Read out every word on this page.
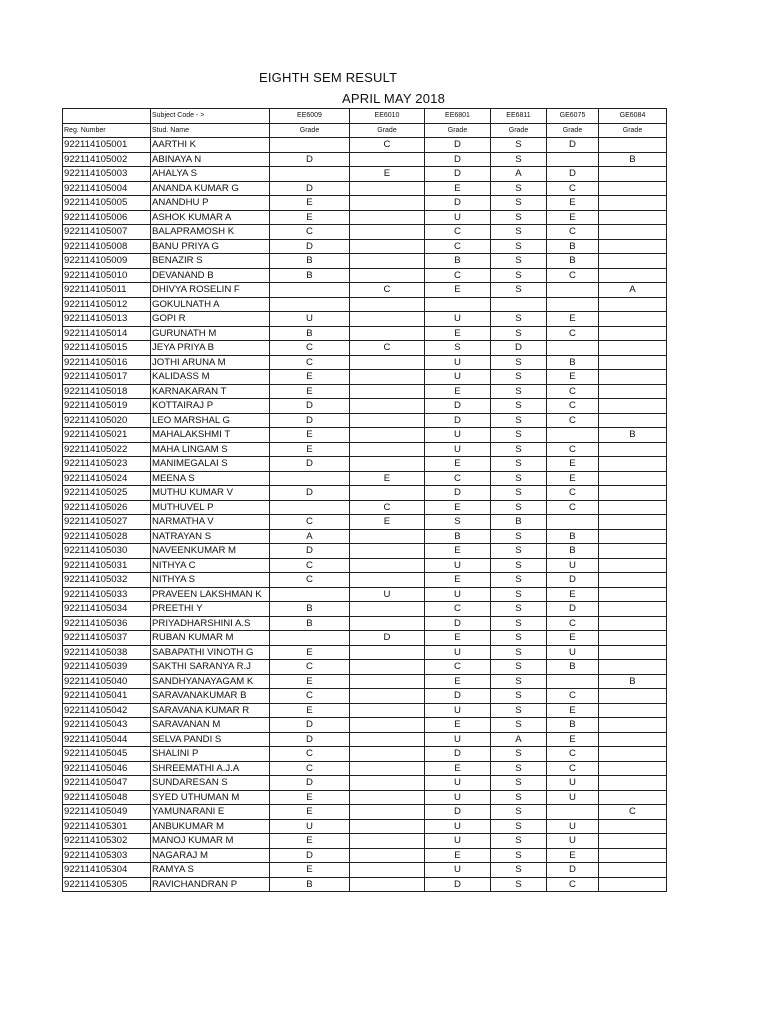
EIGHTH SEM RESULT
APRIL MAY 2018
	Subject Code - >	EE6009	EE6010	EE6801	EE6811	GE6075	GE6084
Reg. Number	Stud. Name	Grade	Grade	Grade	Grade	Grade	Grade
922114105001	AARTHI K		C	D	S	D	
922114105002	ABINAYA N	D		D	S		B
922114105003	AHALYA S		E	D	A	D	
922114105004	ANANDA KUMAR G	D		E	S	C	
922114105005	ANANDHU P	E		D	S	E	
922114105006	ASHOK KUMAR A	E		U	S	E	
922114105007	BALAPRAMOSH K	C		C	S	C	
922114105008	BANU PRIYA G	D		C	S	B	
922114105009	BENAZIR S	B		B	S	B	
922114105010	DEVANAND B	B		C	S	C	
922114105011	DHIVYA ROSELIN F		C	E	S		A
922114105012	GOKULNATH A						
922114105013	GOPI R	U		U	S	E	
922114105014	GURUNATH M	B		E	S	C	
922114105015	JEYA PRIYA B	C	C	S	D		
922114105016	JOTHI ARUNA M	C		U	S	B	
922114105017	KALIDASS M	E		U	S	E	
922114105018	KARNAKARAN T	E		E	S	C	
922114105019	KOTTAIRAJ P	D		D	S	C	
922114105020	LEO MARSHAL G	D		D	S	C	
922114105021	MAHALAKSHMI T	E		U	S		B
922114105022	MAHA LINGAM S	E		U	S	C	
922114105023	MANIMEGALAI S	D		E	S	E	
922114105024	MEENA S		E	C	S	E	
922114105025	MUTHU KUMAR V	D		D	S	C	
922114105026	MUTHUVEL P		C	E	S	C	
922114105027	NARMATHA V	C	E	S	B		
922114105028	NATRAYAN S	A		B	S	B	
922114105030	NAVEENKUMAR M	D		E	S	B	
922114105031	NITHYA C	C		U	S	U	
922114105032	NITHYA S	C		E	S	D	
922114105033	PRAVEEN LAKSHMAN K		U	U	S	E	
922114105034	PREETHI Y	B		C	S	D	
922114105036	PRIYADHARSHINI A.S	B		D	S	C	
922114105037	RUBAN KUMAR M		D	E	S	E	
922114105038	SABAPATHI VINOTH G	E		U	S	U	
922114105039	SAKTHI SARANYA R.J	C		C	S	B	
922114105040	SANDHYANAYAGAM K	E		E	S		B
922114105041	SARAVANAKUMAR B	C		D	S	C	
922114105042	SARAVANA KUMAR R	E		U	S	E	
922114105043	SARAVANAN M	D		E	S	B	
922114105044	SELVA PANDI S	D		U	A	E	
922114105045	SHALINI P	C		D	S	C	
922114105046	SHREEMATHI A.J.A	C		E	S	C	
922114105047	SUNDARESAN S	D		U	S	U	
922114105048	SYED UTHUMAN M	E		U	S	U	
922114105049	YAMUNARANI E	E		D	S		C
922114105301	ANBUKUMAR M	U		U	S	U	
922114105302	MANOJ KUMAR M	E		U	S	U	
922114105303	NAGARAJ M	D		E	S	E	
922114105304	RAMYA S	E		U	S	D	
922114105305	RAVICHANDRAN P	B		D	S	C	
